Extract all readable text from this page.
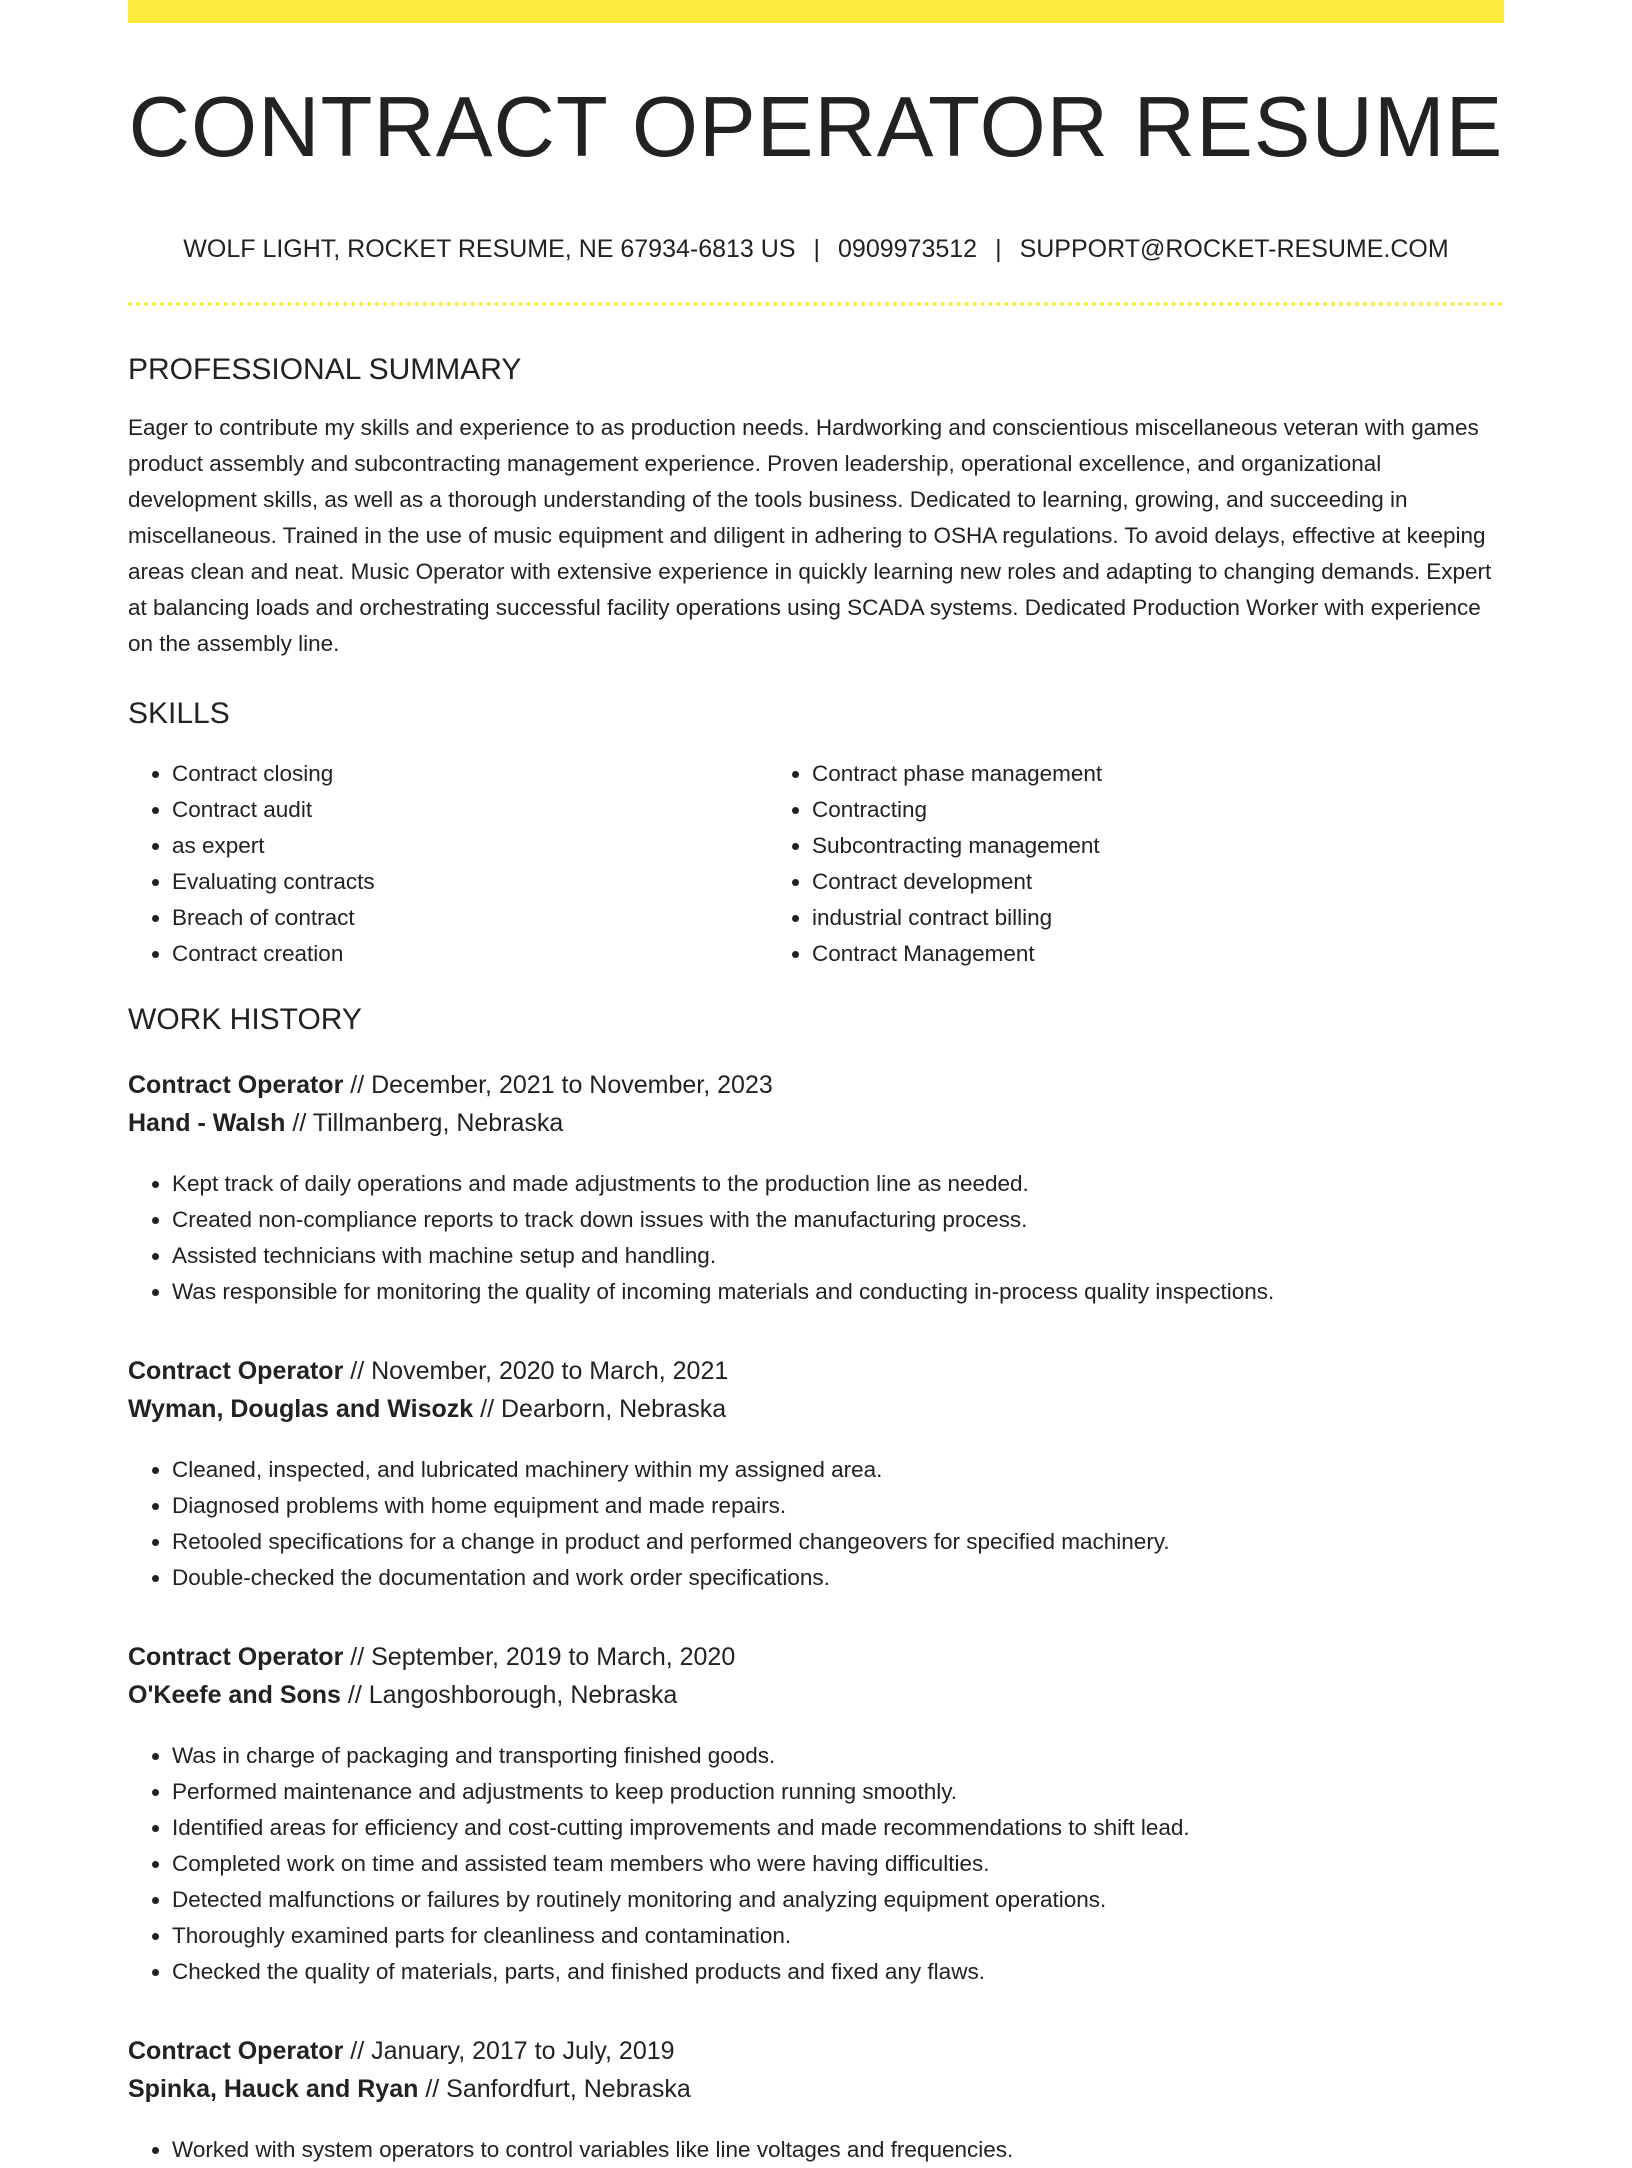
CONTRACT OPERATOR RESUME
WOLF LIGHT, ROCKET RESUME, NE 67934-6813 US | 0909973512 | SUPPORT@ROCKET-RESUME.COM
PROFESSIONAL SUMMARY

Eager to contribute my skills and experience to as production needs. Hardworking and conscientious miscellaneous veteran with games product assembly and subcontracting management experience. Proven leadership, operational excellence, and organizational development skills, as well as a thorough understanding of the tools business. Dedicated to learning, growing, and succeeding in miscellaneous. Trained in the use of music equipment and diligent in adhering to OSHA regulations. To avoid delays, effective at keeping areas clean and neat. Music Operator with extensive experience in quickly learning new roles and adapting to changing demands. Expert at balancing loads and orchestrating successful facility operations using SCADA systems. Dedicated Production Worker with experience on the assembly line.

SKILLS
• Contract closing
• Contract audit
• as expert
• Evaluating contracts
• Breach of contract
• Contract creation
• Contract phase management
• Contracting
• Subcontracting management
• Contract development
• industrial contract billing
• Contract Management
WORK HISTORY
Contract Operator // December, 2021 to November, 2023
Hand - Walsh // Tillmanberg, Nebraska
• Kept track of daily operations and made adjustments to the production line as needed.
• Created non-compliance reports to track down issues with the manufacturing process.
• Assisted technicians with machine setup and handling.
• Was responsible for monitoring the quality of incoming materials and conducting in-process quality inspections.
Contract Operator // November, 2020 to March, 2021
Wyman, Douglas and Wisozk // Dearborn, Nebraska
• Cleaned, inspected, and lubricated machinery within my assigned area.
• Diagnosed problems with home equipment and made repairs.
• Retooled specifications for a change in product and performed changeovers for specified machinery.
• Double-checked the documentation and work order specifications.
Contract Operator // September, 2019 to March, 2020
O'Keefe and Sons // Langoshborough, Nebraska
• Was in charge of packaging and transporting finished goods.
• Performed maintenance and adjustments to keep production running smoothly.
• Identified areas for efficiency and cost-cutting improvements and made recommendations to shift lead.
• Completed work on time and assisted team members who were having difficulties.
• Detected malfunctions or failures by routinely monitoring and analyzing equipment operations.
• Thoroughly examined parts for cleanliness and contamination.
• Checked the quality of materials, parts, and finished products and fixed any flaws.
Contract Operator // January, 2017 to July, 2019
Spinka, Hauck and Ryan // Sanfordfurt, Nebraska
• Worked with system operators to control variables like line voltages and frequencies.
